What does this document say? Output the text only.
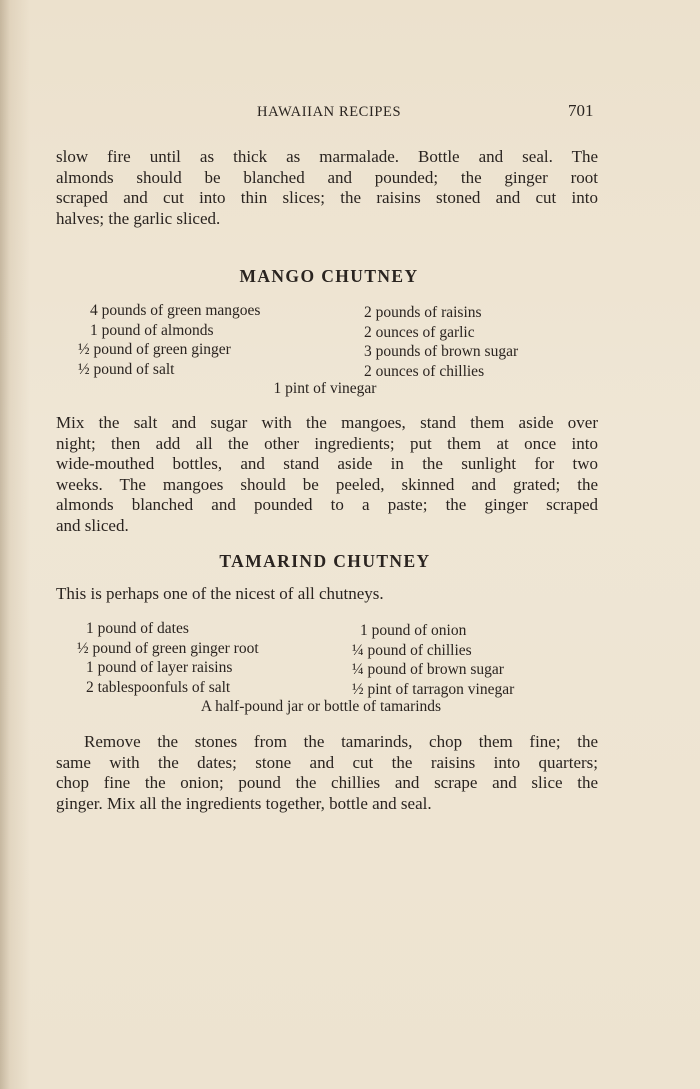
HAWAIIAN RECIPES	701

slow fire until as thick as marmalade. Bottle and seal. The
almonds should be blanched and pounded; the ginger root
scraped and cut into thin slices; the raisins stoned and cut into
halves; the garlic sliced.

MANGO CHUTNEY
4 pounds of green mangoes
1 pound of almonds
½ pound of green ginger
½ pound of salt
2 pounds of raisins
2 ounces of garlic
3 pounds of brown sugar
2 ounces of chillies
1 pint of vinegar

Mix the salt and sugar with the mangoes, stand them aside over
night; then add all the other ingredients; put them at once into
wide-mouthed bottles, and stand aside in the sunlight for two
weeks. The mangoes should be peeled, skinned and grated; the
almonds blanched and pounded to a paste; the ginger scraped
and sliced.

TAMARIND CHUTNEY

This is perhaps one of the nicest of all chutneys.

1 pound of dates
½ pound of green ginger root
1 pound of layer raisins
2 tablespoonfuls of salt
1 pound of onion
¼ pound of chillies
¼ pound of brown sugar
½ pint of tarragon vinegar
A half-pound jar or bottle of tamarinds

Remove the stones from the tamarinds, chop them fine; the
same with the dates; stone and cut the raisins into quarters;
chop fine the onion; pound the chillies and scrape and slice the
ginger. Mix all the ingredients together, bottle and seal.
